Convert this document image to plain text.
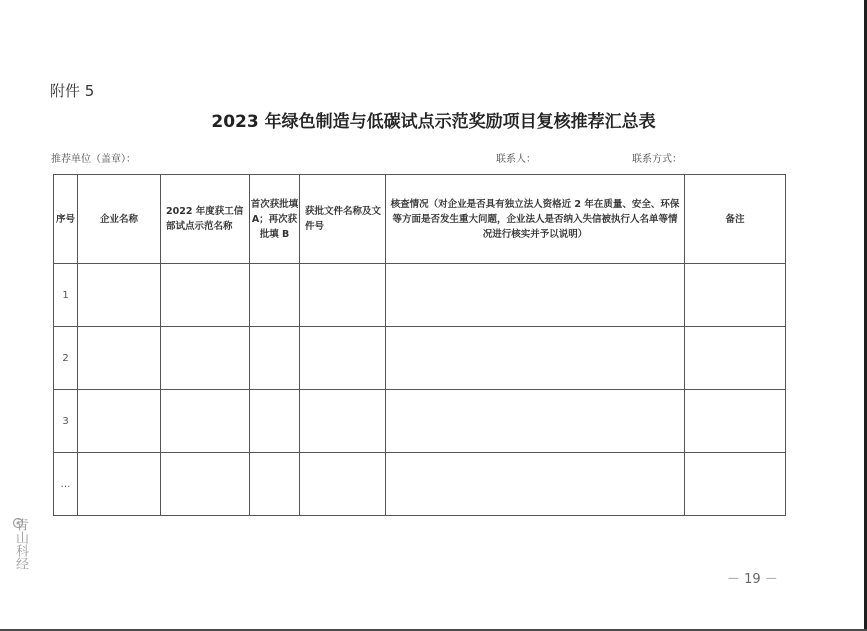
附件 5
2023 年绿色制造与低碳试点示范奖励项目复核推荐汇总表
推荐单位（盖章）：	联系人：	联系方式：
序号	企业名称	2022 年度获工信部试点示范名称	首次获批填 A；再次获批填 B	获批文件名称及文件号	核查情况（对企业是否具有独立法人资格近 2 年在质量、安全、环保等方面是否发生重大问题，企业法人是否纳入失信被执行人名单等情况进行核实并予以说明）	备注
1						
2						
3						
…						
青山科经
－ 19 －
